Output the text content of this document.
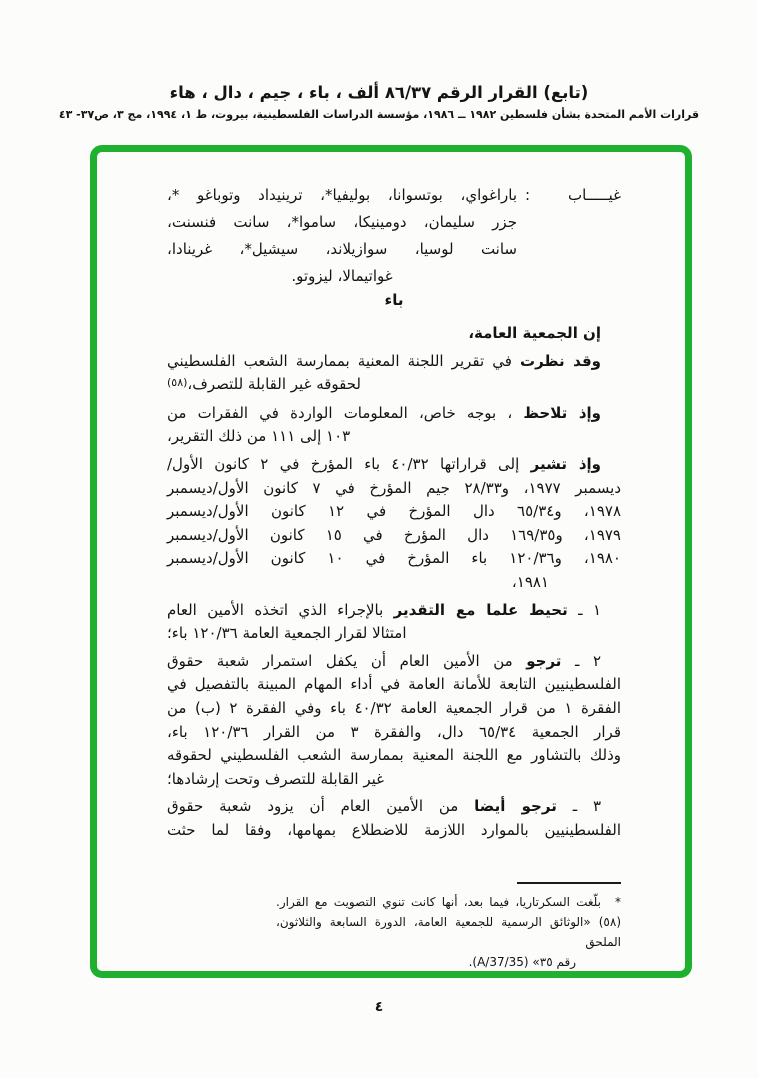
(تابع) القرار الرقم ٨٦/٣٧ ألف ، باء ، جيم ، دال ، هاء
قرارات الأمم المتحدة بشأن فلسطين ١٩٨٢ ــ ١٩٨٦، مؤسسة الدراسات الفلسطينية، بيروت، ط ١، ١٩٩٤، مج ٣، ص٣٧- ٤٣
غيـــــاب
:
باراغواي، بوتسوانا، بوليفيا*، ترينيداد وتوباغو *،
جزر سليمان، دومينيكا، ساموا*، سانت فنسنت،
سانت لوسيا، سوازيلاند، سيشيل*، غرينادا،
غواتيمالا، ليزوتو.
باء
إن الجمعية العامة،
وقد نظرت في تقرير اللجنة المعنية بممارسة الشعب الفلسطيني
لحقوقه غير القابلة للتصرف،$^{(٥٨)}$
وإذ تلاحظ ، بوجه خاص، المعلومات الواردة في الفقرات من
١٠٣ إلى ١١١ من ذلك التقرير،
وإذ تشير إلى قراراتها ٤٠/٣٢ باء المؤرخ في ٢ كانون الأول/
ديسمبر ١٩٧٧، و٢٨/٣٣ جيم المؤرخ في ٧ كانون الأول/ديسمبر
١٩٧٨، و٦٥/٣٤ دال المؤرخ في ١٢ كانون الأول/ديسمبر
١٩٧٩، و١٦٩/٣٥ دال المؤرخ في ١٥ كانون الأول/ديسمبر
١٩٨٠، و١٢٠/٣٦ باء المؤرخ في ١٠ كانون الأول/ديسمبر
١٩٨١،
١ ـ تحيط علما مع التقدير بالإجراء الذي اتخذه الأمين العام
امتثالا لقرار الجمعية العامة ١٢٠/٣٦ باء؛
٢ ـ ترجو من الأمين العام أن يكفل استمرار شعبة حقوق
الفلسطينيين التابعة للأمانة العامة في أداء المهام المبينة بالتفصيل في
الفقرة ١ من قرار الجمعية العامة ٤٠/٣٢ باء وفي الفقرة ٢ (ب) من
قرار الجمعية ٦٥/٣٤ دال، والفقرة ٣ من القرار ١٢٠/٣٦ باء،
وذلك بالتشاور مع اللجنة المعنية بممارسة الشعب الفلسطيني لحقوقه
غير القابلة للتصرف وتحت إرشادها؛
٣ ـ ترجو أيضا من الأمين العام أن يزود شعبة حقوق
الفلسطينيين بالموارد اللازمة للاضطلاع بمهامها، وفقا لما حثت
*بلّغت السكرتاريا، فيما بعد، أنها كانت تنوي التصويت مع القرار.
(٥٨) «الوثائق الرسمية للجمعية العامة، الدورة السابعة والثلاثون، الملحق
رقم ٣٥» (A/37/35).
٤
